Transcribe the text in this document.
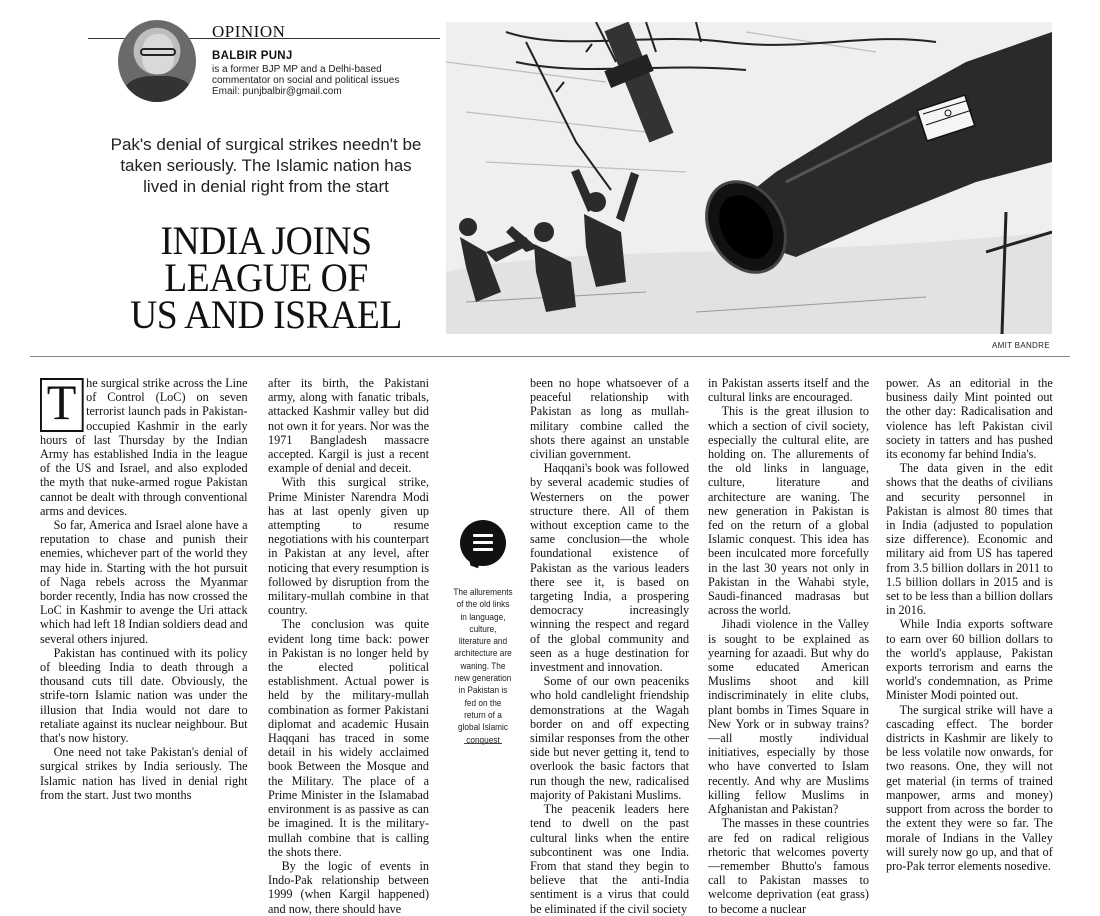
OPINION
BALBIR PUNJ
is a former BJP MP and a Delhi-based
commentator on social and political issues
Email: punjbalbir@gmail.com
Pak's denial of surgical strikes needn't be
taken seriously. The Islamic nation has
lived in denial right from the start
INDIA JOINS
LEAGUE OF
US AND ISRAEL
AMIT BANDRE
T he surgical strike across the Line of Control (LoC) on seven terrorist launch pads in Pakistan-occupied Kashmir in the early hours of last Thursday by the Indian Army has established India in the league of the US and Israel, and also exploded the myth that nuke-armed rogue Pakistan cannot be dealt with through conventional arms and devices.

So far, America and Israel alone have a reputation to chase and punish their enemies, whichever part of the world they may hide in. Starting with the hot pursuit of Naga rebels across the Myanmar border recently, India has now crossed the LoC in Kashmir to avenge the Uri attack which had left 18 Indian soldiers dead and several others injured.

Pakistan has continued with its policy of bleeding India to death through a thousand cuts till date. Obviously, the strife-torn Islamic nation was under the illusion that India would not dare to retaliate against its nuclear neighbour. But that's now history.

One need not take Pakistan's denial of surgical strikes by India seriously. The Islamic nation has lived in denial right from the start. Just two months

after its birth, the Pakistani army, along with fanatic tribals, attacked Kashmir valley but did not own it for years. Nor was the 1971 Bangladesh massacre accepted. Kargil is just a recent example of denial and deceit.

With this surgical strike, Prime Minister Narendra Modi has at last openly given up attempting to resume negotiations with his counterpart in Pakistan at any level, after noticing that every resumption is followed by disruption from the military-mullah combine in that country.

The conclusion was quite evident long time back: power in Pakistan is no longer held by the elected political establishment. Actual power is held by the military-mullah combination as former Pakistani diplomat and academic Husain Haqqani has traced in some detail in his widely acclaimed book Between the Mosque and the Military. The place of a Prime Minister in the Islamabad environment is as passive as can be imagined. It is the military-mullah combine that is calling the shots there.

By the logic of events in Indo-Pak relationship between 1999 (when Kargil happened) and now, there should have

been no hope whatsoever of a peaceful relationship with Pakistan as long as mullah-military combine called the shots there against an unstable civilian government.

Haqqani's book was followed by several academic studies of Westerners on the power structure there. All of them without exception came to the same conclusion—the whole foundational existence of Pakistan as the various leaders there see it, is based on targeting India, a prospering democracy increasingly winning the respect and regard of the global community and seen as a huge destination for investment and innovation.

Some of our own peaceniks who hold candlelight friendship demonstrations at the Wagah border on and off expecting similar responses from the other side but never getting it, tend to overlook the basic factors that run though the new, radicalised majority of Pakistani Muslims.

The peacenik leaders here tend to dwell on the past cultural links when the entire subcontinent was one India. From that stand they begin to believe that the anti-India sentiment is a virus that could be eliminated if the civil society

in Pakistan asserts itself and the cultural links are encouraged.

This is the great illusion to which a section of civil society, especially the cultural elite, are holding on. The allurements of the old links in language, culture, literature and architecture are waning. The new generation in Pakistan is fed on the return of a global Islamic conquest. This idea has been inculcated more forcefully in the last 30 years not only in Pakistan in the Wahabi style, Saudi-financed madrasas but across the world.

Jihadi violence in the Valley is sought to be explained as yearning for azaadi. But why do some educated American Muslims shoot and kill indiscriminately in elite clubs, plant bombs in Times Square in New York or in subway trains?—all mostly individual initiatives, especially by those who have converted to Islam recently. And why are Muslims killing fellow Muslims in Afghanistan and Pakistan?

The masses in these countries are fed on radical religious rhetoric that welcomes poverty—remember Bhutto's famous call to Pakistan masses to welcome deprivation (eat grass) to become a nuclear

power. As an editorial in the business daily Mint pointed out the other day: Radicalisation and violence has left Pakistan civil society in tatters and has pushed its economy far behind India's.

The data given in the edit shows that the deaths of civilians and security personnel in Pakistan is almost 80 times that in India (adjusted to population size difference). Economic and military aid from US has tapered from 3.5 billion dollars in 2011 to 1.5 billion dollars in 2015 and is set to be less than a billion dollars in 2016.

While India exports software to earn over 60 billion dollars to the world's applause, Pakistan exports terrorism and earns the world's condemnation, as Prime Minister Modi pointed out.

The surgical strike will have a cascading effect. The border districts in Kashmir are likely to be less volatile now onwards, for two reasons. One, they will not get material (in terms of trained manpower, arms and money) support from across the border to the extent they were so far. The morale of Indians in the Valley will surely now go up, and that of pro-Pak terror elements nosedive.

The allurements of the old links in language, culture, literature and architecture are waning. The new generation in Pakistan is fed on the return of a global Islamic conquest
